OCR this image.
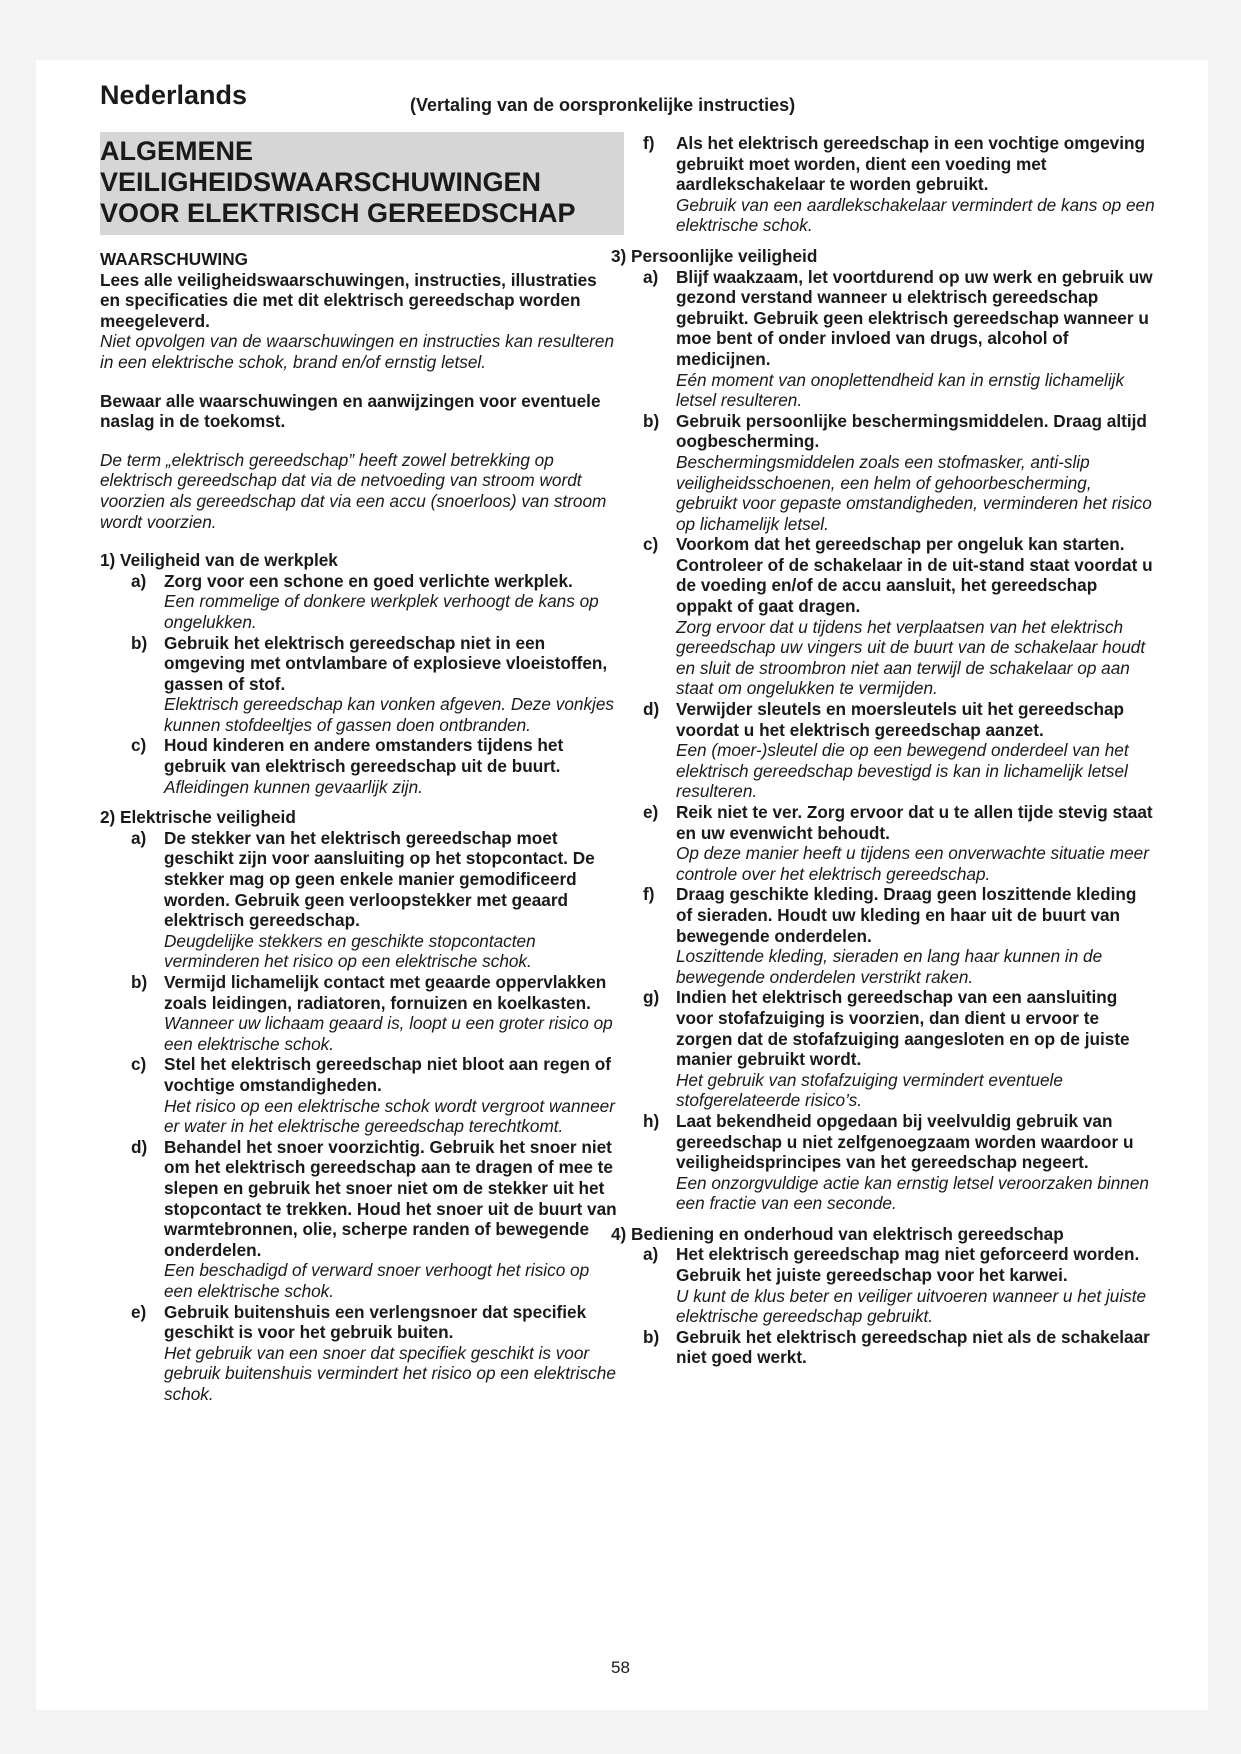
Nederlands	(Vertaling van de oorspronkelijke instructies)
ALGEMENE
VEILIGHEIDSWAARSCHUWINGEN
VOOR ELEKTRISCH GEREEDSCHAP
WAARSCHUWING
Lees alle veiligheidswaarschuwingen, instructies, illustraties en specificaties die met dit elektrisch gereedschap worden meegeleverd.
Niet opvolgen van de waarschuwingen en instructies kan resulteren in een elektrische schok, brand en/of ernstig letsel.
Bewaar alle waarschuwingen en aanwijzingen voor eventuele naslag in de toekomst.
De term „elektrisch gereedschap” heeft zowel betrekking op elektrisch gereedschap dat via de netvoeding van stroom wordt voorzien als gereedschap dat via een accu (snoerloos) van stroom wordt voorzien.
1) Veiligheid van de werkplek
a) Zorg voor een schone en goed verlichte werkplek.
Een rommelige of donkere werkplek verhoogt de kans op ongelukken.
b) Gebruik het elektrisch gereedschap niet in een omgeving met ontvlambare of explosieve vloeistoffen, gassen of stof.
Elektrisch gereedschap kan vonken afgeven. Deze vonkjes kunnen stofdeeltjes of gassen doen ontbranden.
c) Houd kinderen en andere omstanders tijdens het gebruik van elektrisch gereedschap uit de buurt.
Afleidingen kunnen gevaarlijk zijn.
2) Elektrische veiligheid
a) De stekker van het elektrisch gereedschap moet geschikt zijn voor aansluiting op het stopcontact. De stekker mag op geen enkele manier gemodificeerd worden. Gebruik geen verloopstekker met geaard elektrisch gereedschap.
Deugdelijke stekkers en geschikte stopcontacten verminderen het risico op een elektrische schok.
b) Vermijd lichamelijk contact met geaarde oppervlakken zoals leidingen, radiatoren, fornuizen en koelkasten.
Wanneer uw lichaam geaard is, loopt u een groter risico op een elektrische schok.
c) Stel het elektrisch gereedschap niet bloot aan regen of vochtige omstandigheden.
Het risico op een elektrische schok wordt vergroot wanneer er water in het elektrische gereedschap terechtkomt.
d) Behandel het snoer voorzichtig. Gebruik het snoer niet om het elektrisch gereedschap aan te dragen of mee te slepen en gebruik het snoer niet om de stekker uit het stopcontact te trekken. Houd het snoer uit de buurt van warmtebronnen, olie, scherpe randen of bewegende onderdelen.
Een beschadigd of verward snoer verhoogt het risico op een elektrische schok.
e) Gebruik buitenshuis een verlengsnoer dat specifiek geschikt is voor het gebruik buiten.
Het gebruik van een snoer dat specifiek geschikt is voor gebruik buitenshuis vermindert het risico op een elektrische schok.
f) Als het elektrisch gereedschap in een vochtige omgeving gebruikt moet worden, dient een voeding met aardlekschakelaar te worden gebruikt.
Gebruik van een aardlekschakelaar vermindert de kans op een elektrische schok.
3) Persoonlijke veiligheid
a) Blijf waakzaam, let voortdurend op uw werk en gebruik uw gezond verstand wanneer u elektrisch gereedschap gebruikt. Gebruik geen elektrisch gereedschap wanneer u moe bent of onder invloed van drugs, alcohol of medicijnen.
Eén moment van onoplettendheid kan in ernstig lichamelijk letsel resulteren.
b) Gebruik persoonlijke beschermingsmiddelen. Draag altijd oogbescherming.
Beschermingsmiddelen zoals een stofmasker, anti-slip veiligheidsschoenen, een helm of gehoorbescherming, gebruikt voor gepaste omstandigheden, verminderen het risico op lichamelijk letsel.
c) Voorkom dat het gereedschap per ongeluk kan starten. Controleer of de schakelaar in de uit-stand staat voordat u de voeding en/of de accu aansluit, het gereedschap oppakt of gaat dragen.
Zorg ervoor dat u tijdens het verplaatsen van het elektrisch gereedschap uw vingers uit de buurt van de schakelaar houdt en sluit de stroombron niet aan terwijl de schakelaar op aan staat om ongelukken te vermijden.
d) Verwijder sleutels en moersleutels uit het gereedschap voordat u het elektrisch gereedschap aanzet.
Een (moer-)sleutel die op een bewegend onderdeel van het elektrisch gereedschap bevestigd is kan in lichamelijk letsel resulteren.
e) Reik niet te ver. Zorg ervoor dat u te allen tijde stevig staat en uw evenwicht behoudt.
Op deze manier heeft u tijdens een onverwachte situatie meer controle over het elektrisch gereedschap.
f) Draag geschikte kleding. Draag geen loszittende kleding of sieraden. Houdt uw kleding en haar uit de buurt van bewegende onderdelen.
Loszittende kleding, sieraden en lang haar kunnen in de bewegende onderdelen verstrikt raken.
g) Indien het elektrisch gereedschap van een aansluiting voor stofafzuiging is voorzien, dan dient u ervoor te zorgen dat de stofafzuiging aangesloten en op de juiste manier gebruikt wordt.
Het gebruik van stofafzuiging vermindert eventuele stofgerelateerde risico’s.
h) Laat bekendheid opgedaan bij veelvuldig gebruik van gereedschap u niet zelfgenoegzaam worden waardoor u veiligheidsprincipes van het gereedschap negeert.
Een onzorgvuldige actie kan ernstig letsel veroorzaken binnen een fractie van een seconde.
4) Bediening en onderhoud van elektrisch gereedschap
a) Het elektrisch gereedschap mag niet geforceerd worden. Gebruik het juiste gereedschap voor het karwei.
U kunt de klus beter en veiliger uitvoeren wanneer u het juiste elektrische gereedschap gebruikt.
b) Gebruik het elektrisch gereedschap niet als de schakelaar niet goed werkt.
58
